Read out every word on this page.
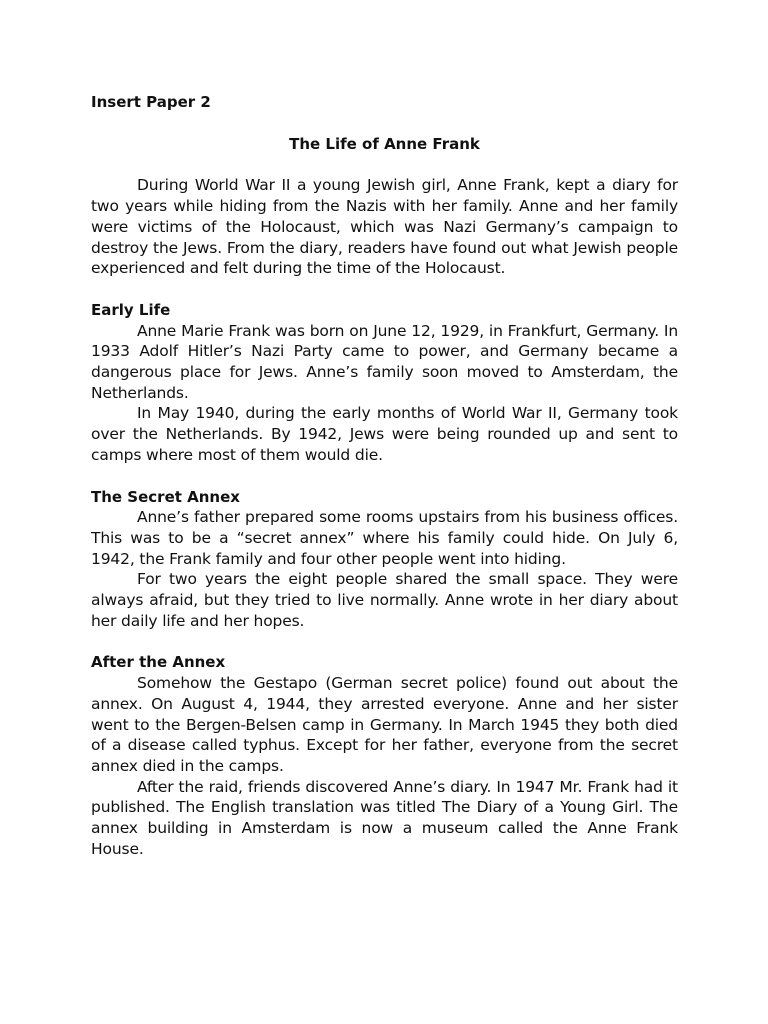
Insert Paper 2

The Life of Anne Frank

During World War II a young Jewish girl, Anne Frank, kept a diary for two years while hiding from the Nazis with her family. Anne and her family were victims of the Holocaust, which was Nazi Germany’s campaign to destroy the Jews. From the diary, readers have found out what Jewish people experienced and felt during the time of the Holocaust.

Early Life

Anne Marie Frank was born on June 12, 1929, in Frankfurt, Germany. In 1933 Adolf Hitler’s Nazi Party came to power, and Germany became a dangerous place for Jews. Anne’s family soon moved to Amsterdam, the Netherlands.

In May 1940, during the early months of World War II, Germany took over the Netherlands. By 1942, Jews were being rounded up and sent to camps where most of them would die.

The Secret Annex

Anne’s father prepared some rooms upstairs from his business offices. This was to be a “secret annex” where his family could hide. On July 6, 1942, the Frank family and four other people went into hiding.

For two years the eight people shared the small space. They were always afraid, but they tried to live normally. Anne wrote in her diary about her daily life and her hopes.

After the Annex

Somehow the Gestapo (German secret police) found out about the annex. On August 4, 1944, they arrested everyone. Anne and her sister went to the Bergen-Belsen camp in Germany. In March 1945 they both died of a disease called typhus. Except for her father, everyone from the secret annex died in the camps.

After the raid, friends discovered Anne’s diary. In 1947 Mr. Frank had it published. The English translation was titled The Diary of a Young Girl. The annex building in Amsterdam is now a museum called the Anne Frank House.
